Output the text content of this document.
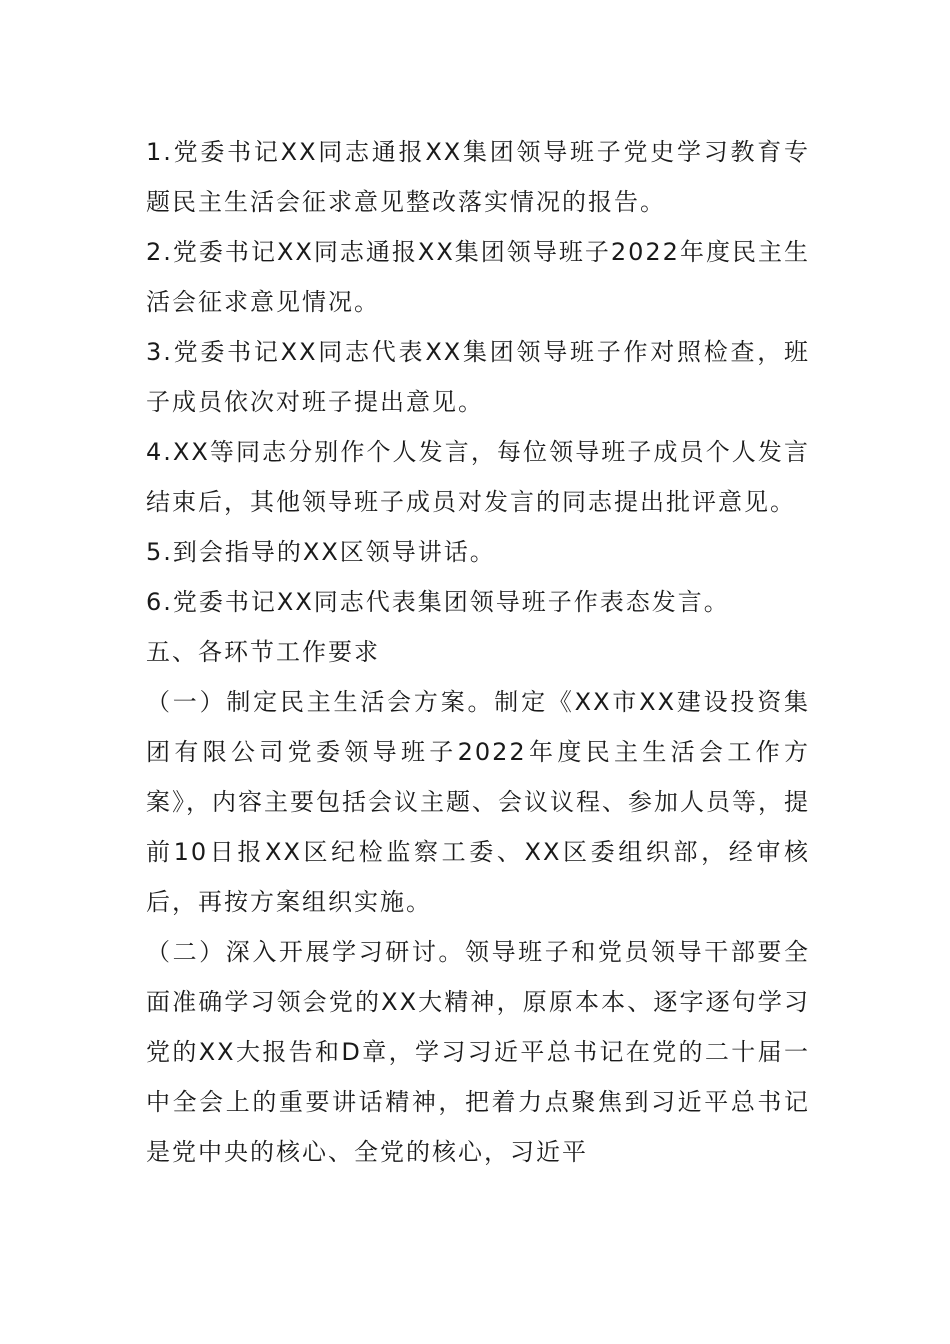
1.党委书记XX同志通报XX集团领导班子党史学习教育专题民主生活会征求意见整改落实情况的报告。

2.党委书记XX同志通报XX集团领导班子2022年度民主生活会征求意见情况。

3.党委书记XX同志代表XX集团领导班子作对照检查，班子成员依次对班子提出意见。

4.XX等同志分别作个人发言，每位领导班子成员个人发言结束后，其他领导班子成员对发言的同志提出批评意见。

5.到会指导的XX区领导讲话。

6.党委书记XX同志代表集团领导班子作表态发言。

五、各环节工作要求

（一）制定民主生活会方案。制定《XX市XX建设投资集团有限公司党委领导班子2022年度民主生活会工作方案》，内容主要包括会议主题、会议议程、参加人员等，提前10日报XX区纪检监察工委、XX区委组织部，经审核后，再按方案组织实施。

（二）深入开展学习研讨。领导班子和党员领导干部要全面准确学习领会党的XX大精神，原原本本、逐字逐句学习党的XX大报告和D章，学习习近平总书记在党的二十届一中全会上的重要讲话精神，把着力点聚焦到习近平总书记是党中央的核心、全党的核心，习近平
